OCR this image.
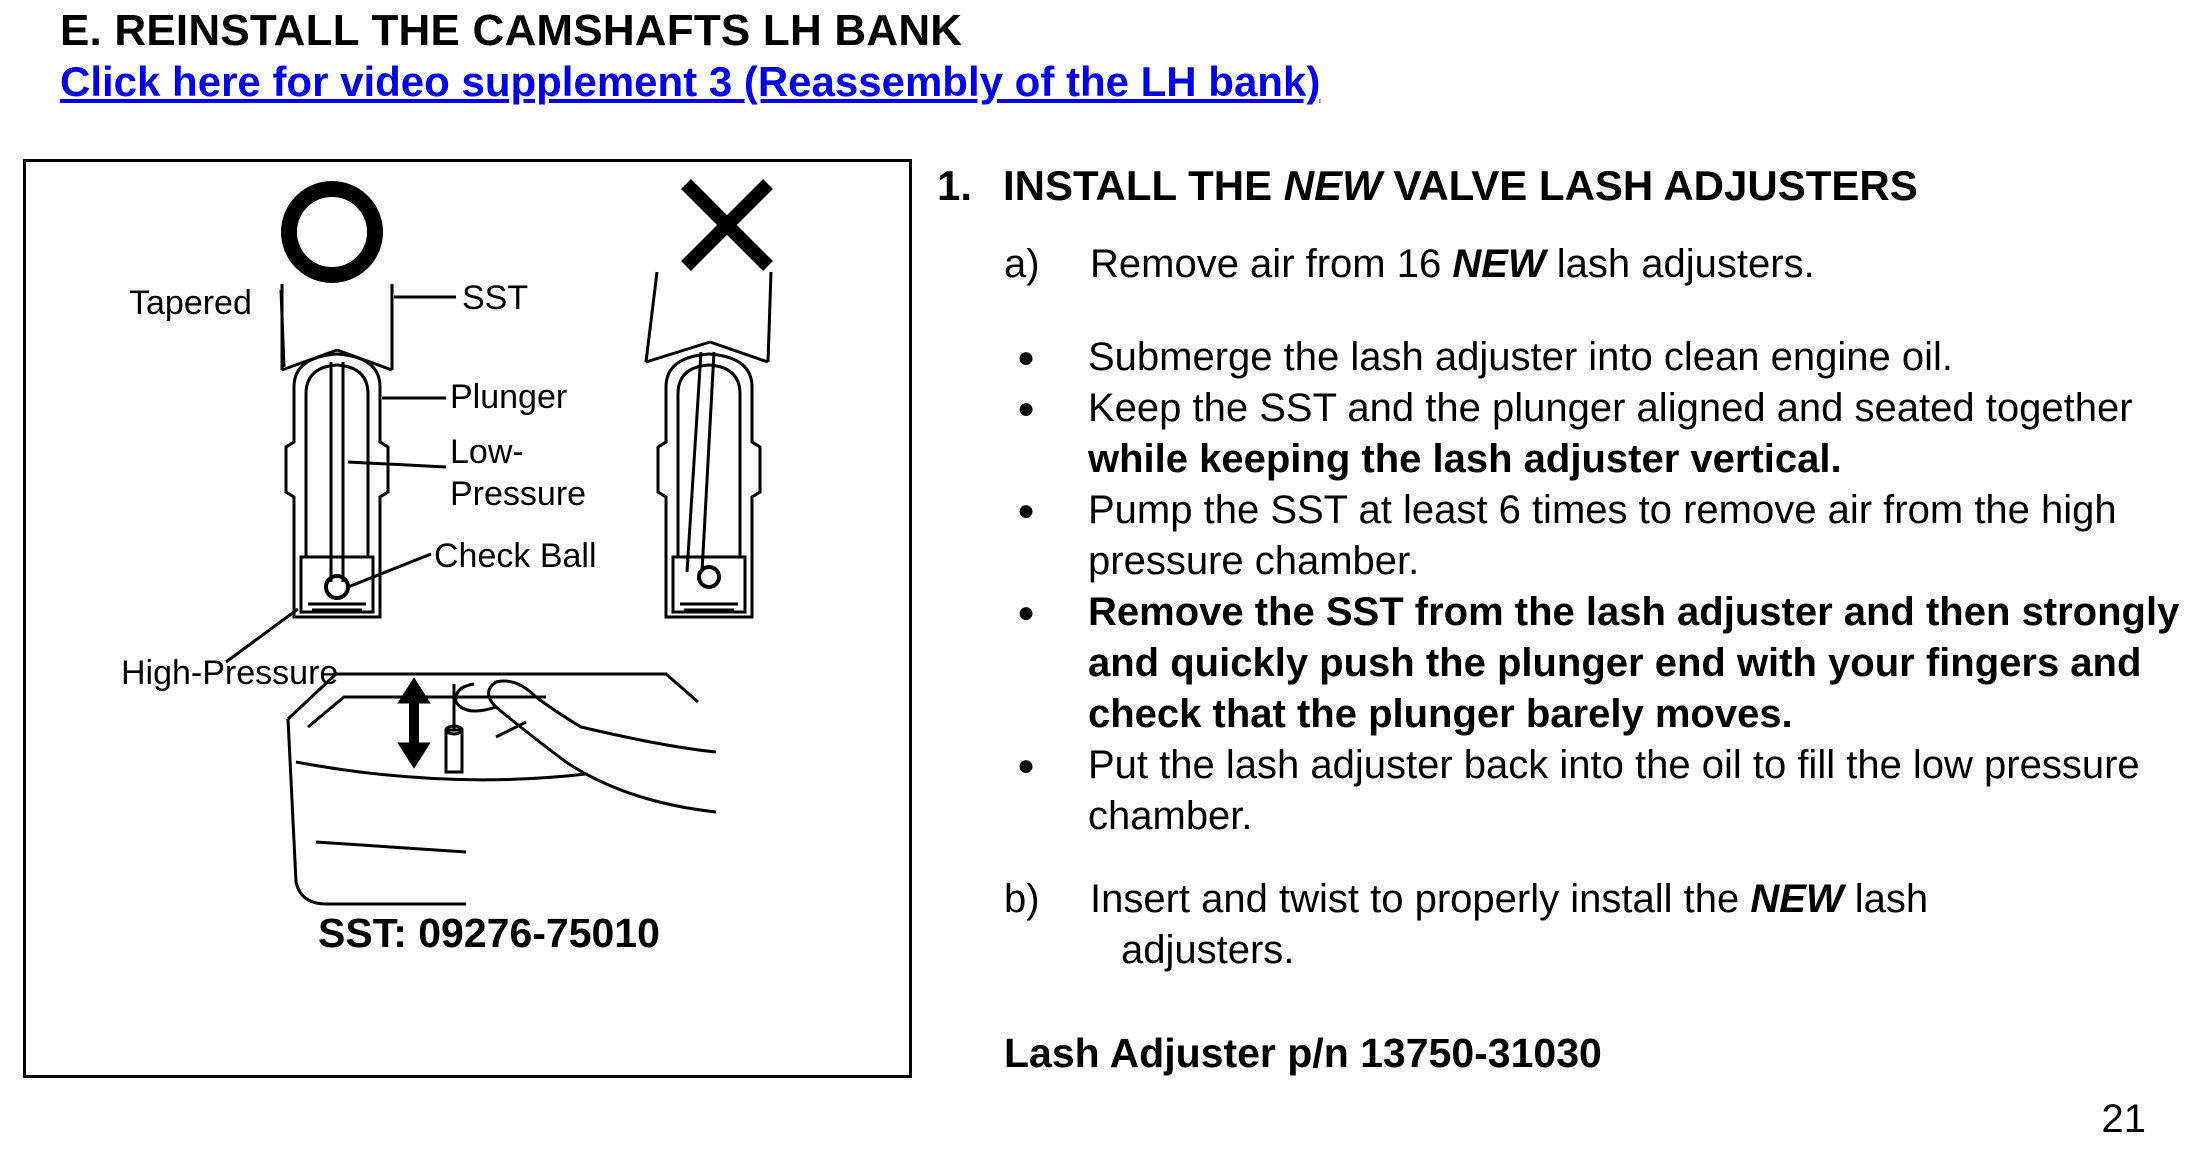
E. REINSTALL THE CAMSHAFTS LH BANK
Click here for video supplement 3 (Reassembly of the LH bank)
Tapered	SST
Plunger
Low-
Pressure
Check Ball
High-Pressure
SST: 09276-75010
1. INSTALL THE NEW VALVE LASH ADJUSTERS
a) Remove air from 16 NEW lash adjusters.
● Submerge the lash adjuster into clean engine oil.
● Keep the SST and the plunger aligned and seated together while keeping the lash adjuster vertical.
● Pump the SST at least 6 times to remove air from the high pressure chamber.
● Remove the SST from the lash adjuster and then strongly and quickly push the plunger end with your fingers and check that the plunger barely moves.
● Put the lash adjuster back into the oil to fill the low pressure chamber.
b) Insert and twist to properly install the NEW lash
adjusters.
Lash Adjuster p/n 13750-31030
21
